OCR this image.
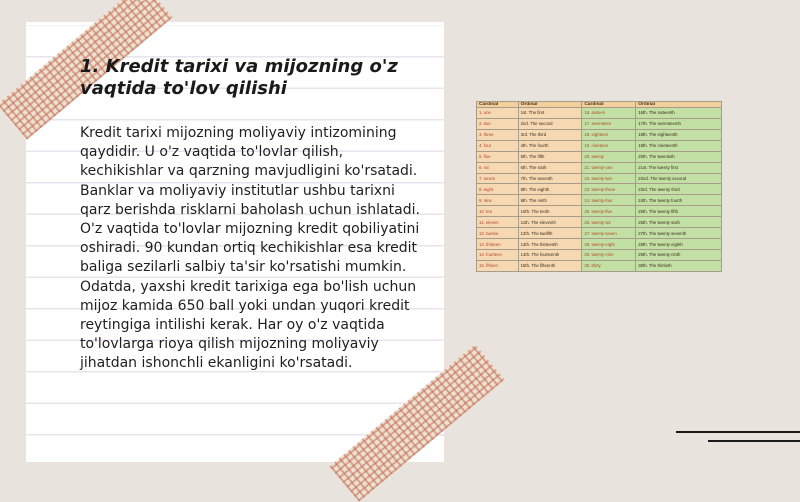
1. Kredit tarixi va mijozning o'z vaqtida to'lov qilishi

Kredit tarixi mijozning moliyaviy intizomining qaydidir. U o'z vaqtida to'lovlar qilish, kechikishlar va qarzning mavjudligini ko'rsatadi. Banklar va moliyaviy institutlar ushbu tarixni qarz berishda risklarni baholash uchun ishlatadi. O'z vaqtida to'lovlar mijozning kredit qobiliyatini oshiradi. 90 kundan ortiq kechikishlar esa kredit baliga sezilarli salbiy ta'sir ko'rsatishi mumkin. Odatda, yaxshi kredit tarixiga ega bo'lish uchun mijoz kamida 650 ball yoki undan yuqori kredit reytingiga intilishi kerak. Har oy o'z vaqtida to'lovlarga rioya qilish mijozning moliyaviy jihatdan ishonchli ekanligini ko'rsatadi.

Cardinal	Ordinal	Cardinal	Ordinal
1. one	1st. The first	16. sixteen	16th. The sixteenth
2. two	2nd. The second	17. seventeen	17th. The seventeenth
3. three	3rd. The third	18. eighteen	18th. The eighteenth
4. four	4th. The fourth	19. nineteen	19th. The nineteenth
5. five	5th. The fifth	20. twenty	20th. The twentieth
6. six	6th. The sixth	21. twenty-one	21st. The twenty first
7. seven	7th. The seventh	22. twenty-two	22nd. The twenty second
8. eight	8th. The eighth	23. twenty-three	23rd. The twenty third
9. nine	9th. The ninth	24. twenty-four	24th. The twenty fourth
10. ten	10th. The tenth	25. twenty-five	25th. The twenty fifth
11. eleven	11th. The eleventh	26. twenty-six	26th. The twenty sixth
12. twelve	12th. The twelfth	27. twenty-seven	27th. The twenty seventh
13. thirteen	13th. The thirteenth	28. twenty-eight	28th. The twenty eighth
14. fourteen	14th. The fourteenth	29. twenty-nine	29th. The twenty ninth
15. fifteen	15th. The fifteenth	30. thirty	30th. The thirtieth
